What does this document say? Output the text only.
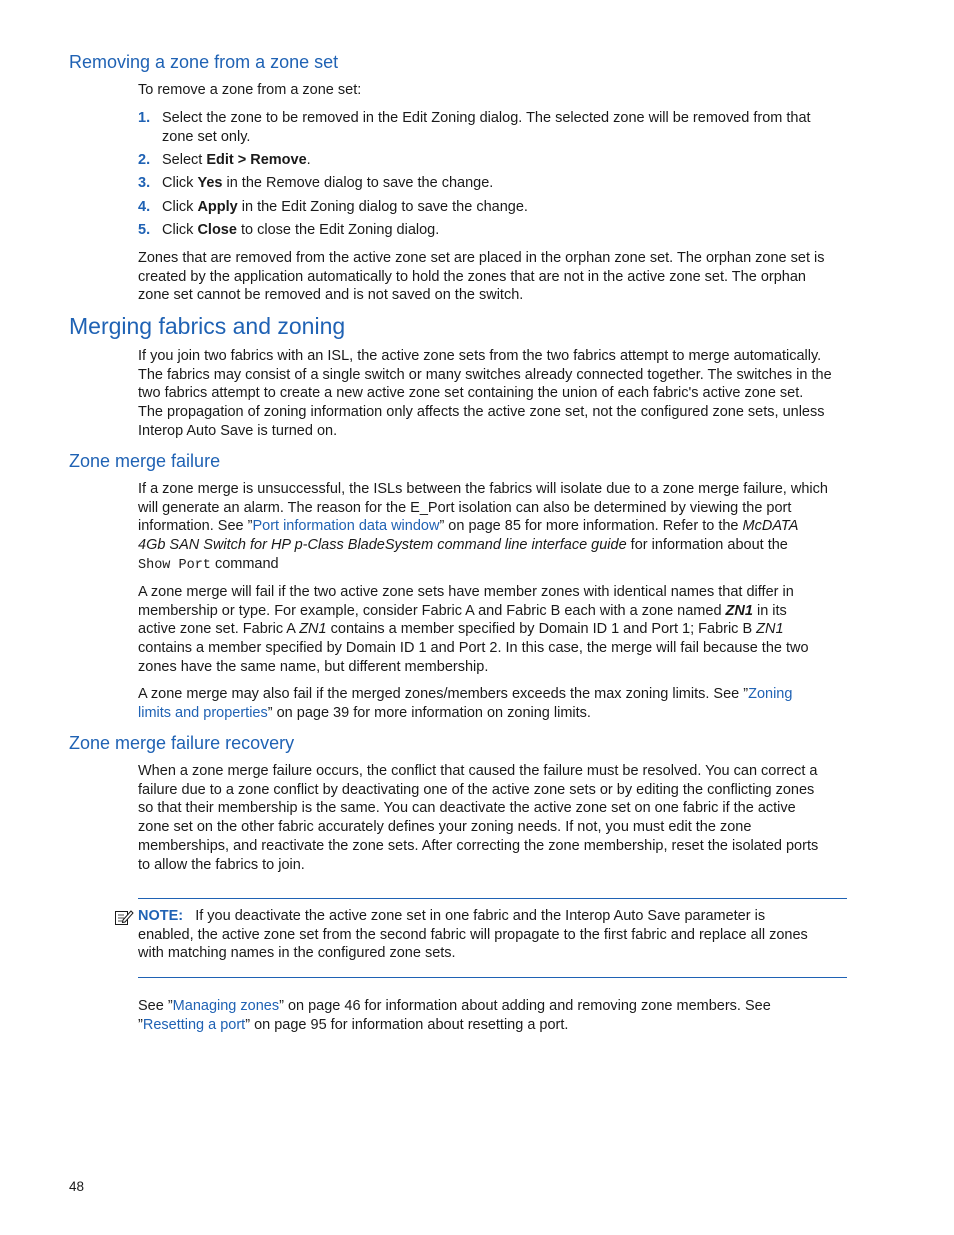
Removing a zone from a zone set
To remove a zone from a zone set:
1. Select the zone to be removed in the Edit Zoning dialog. The selected zone will be removed from that
zone set only.
2. Select Edit > Remove.
3. Click Yes in the Remove dialog to save the change.
4. Click Apply in the Edit Zoning dialog to save the change.
5. Click Close to close the Edit Zoning dialog.
Zones that are removed from the active zone set are placed in the orphan zone set. The orphan zone set is
created by the application automatically to hold the zones that are not in the active zone set. The orphan
zone set cannot be removed and is not saved on the switch.
Merging fabrics and zoning
If you join two fabrics with an ISL, the active zone sets from the two fabrics attempt to merge automatically.
The fabrics may consist of a single switch or many switches already connected together. The switches in the
two fabrics attempt to create a new active zone set containing the union of each fabric's active zone set.
The propagation of zoning information only affects the active zone set, not the configured zone sets, unless
Interop Auto Save is turned on.
Zone merge failure
If a zone merge is unsuccessful, the ISLs between the fabrics will isolate due to a zone merge failure, which
will generate an alarm. The reason for the E_Port isolation can also be determined by viewing the port
information. See ”Port information data window” on page 85 for more information. Refer to the McDATA
4Gb SAN Switch for HP p-Class BladeSystem command line interface guide for information about the
Show Port command
A zone merge will fail if the two active zone sets have member zones with identical names that differ in
membership or type. For example, consider Fabric A and Fabric B each with a zone named ZN1 in its
active zone set. Fabric A ZN1 contains a member specified by Domain ID 1 and Port 1; Fabric B ZN1
contains a member specified by Domain ID 1 and Port 2. In this case, the merge will fail because the two
zones have the same name, but different membership.
A zone merge may also fail if the merged zones/members exceeds the max zoning limits. See ”Zoning
limits and properties” on page 39 for more information on zoning limits.
Zone merge failure recovery
When a zone merge failure occurs, the conflict that caused the failure must be resolved. You can correct a
failure due to a zone conflict by deactivating one of the active zone sets or by editing the conflicting zones
so that their membership is the same. You can deactivate the active zone set on one fabric if the active
zone set on the other fabric accurately defines your zoning needs. If not, you must edit the zone
memberships, and reactivate the zone sets. After correcting the zone membership, reset the isolated ports
to allow the fabrics to join.
NOTE: If you deactivate the active zone set in one fabric and the Interop Auto Save parameter is
enabled, the active zone set from the second fabric will propagate to the first fabric and replace all zones
with matching names in the configured zone sets.
See ”Managing zones” on page 46 for information about adding and removing zone members. See
”Resetting a port” on page 95 for information about resetting a port.
48
